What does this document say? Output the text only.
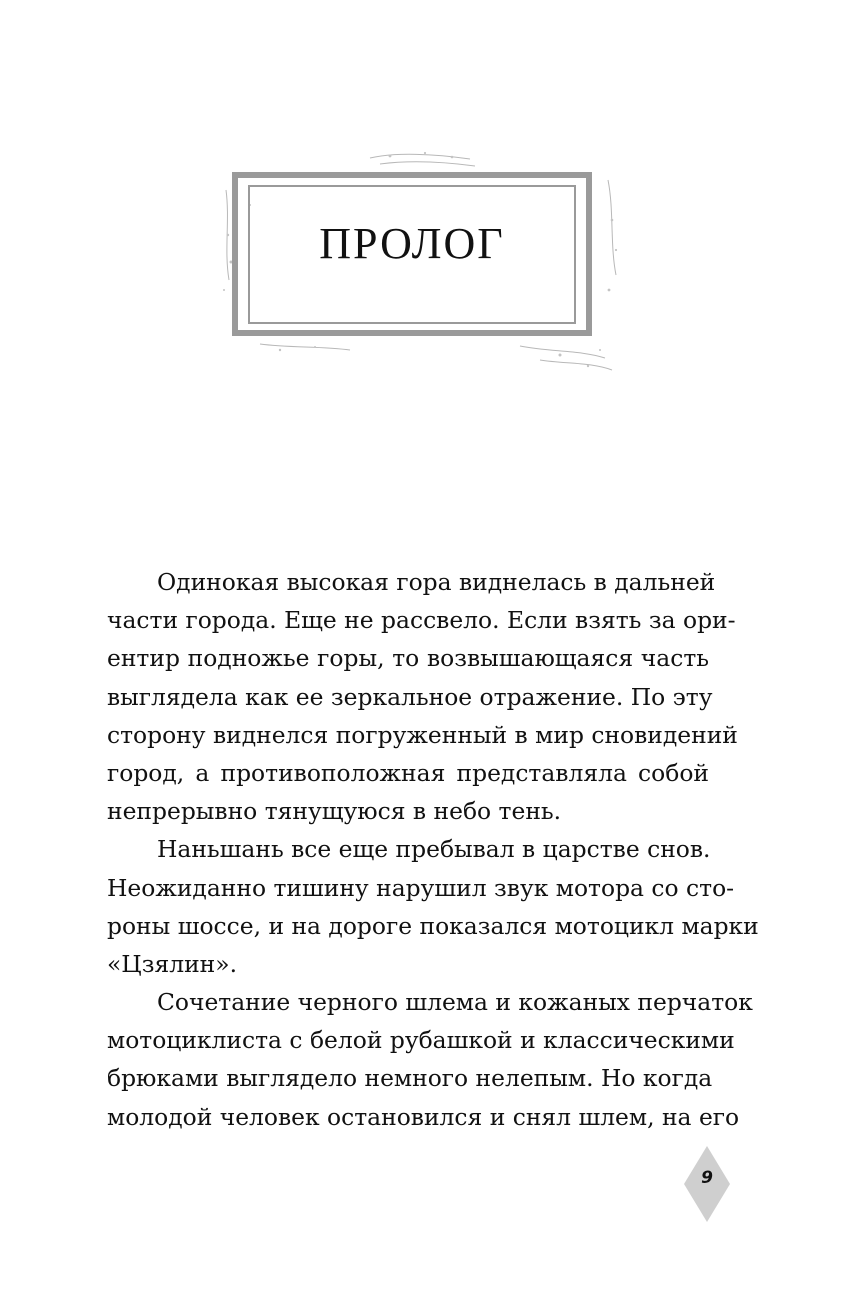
ПРОЛОГ
Одинокая высокая гора виднелась в дальней
части города. Еще не рассвело. Если взять за ори-
ентир подножье горы, то возвышающаяся часть
выглядела как ее зеркальное отражение. По эту
сторону виднелся погруженный в мир сновидений
город, а противоположная представляла собой
непрерывно тянущуюся в небо тень.
Наньшань все еще пребывал в царстве снов.
Неожиданно тишину нарушил звук мотора со сто-
роны шоссе, и на дороге показался мотоцикл марки
«Цзялин».
Сочетание черного шлема и кожаных перчаток
мотоциклиста с белой рубашкой и классическими
брюками выглядело немного нелепым. Но когда
молодой человек остановился и снял шлем, на его
9
